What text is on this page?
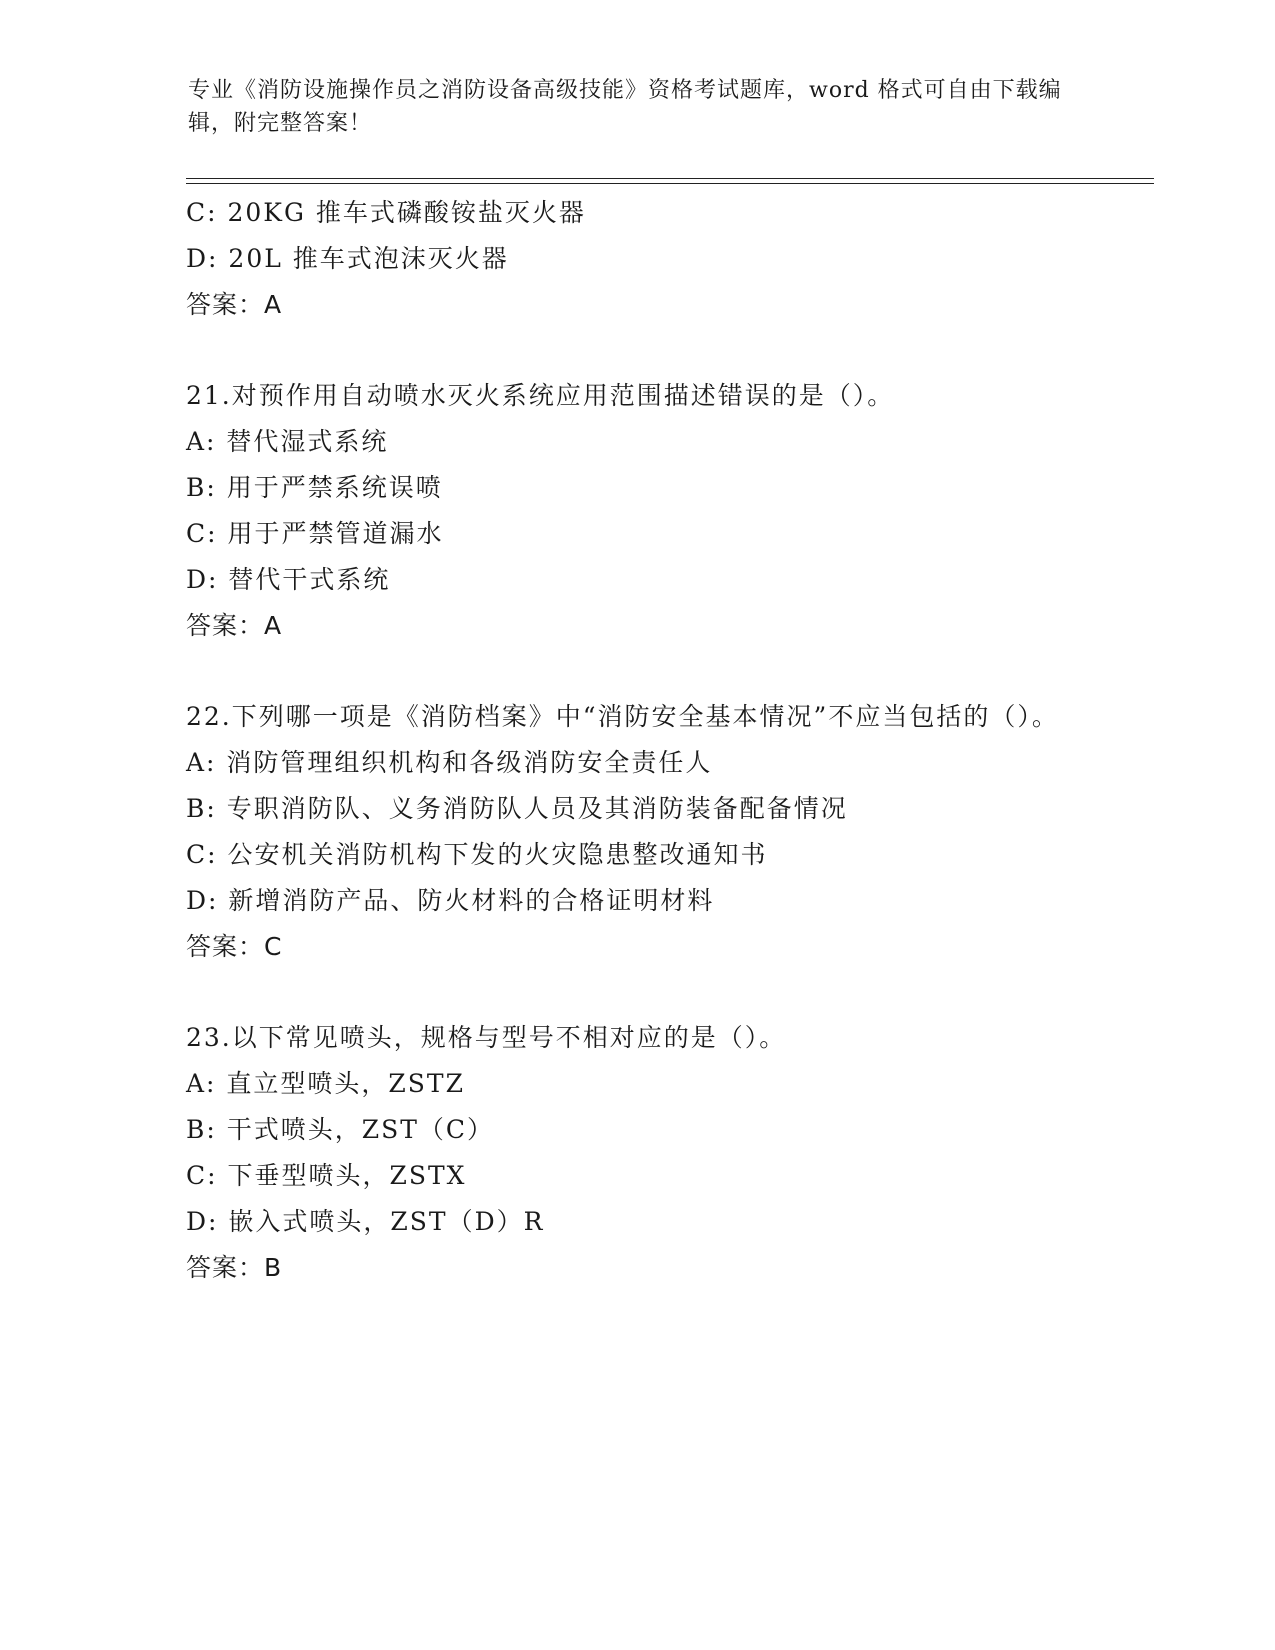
专业《消防设施操作员之消防设备高级技能》资格考试题库，word 格式可自由下载编辑，附完整答案！
C: 20KG 推车式磷酸铵盐灭火器
D: 20L 推车式泡沫灭火器
答案：A
21.对预作用自动喷水灭火系统应用范围描述错误的是（）。
A: 替代湿式系统
B: 用于严禁系统误喷
C: 用于严禁管道漏水
D: 替代干式系统
答案：A
22.下列哪一项是《消防档案》中“消防安全基本情况”不应当包括的（）。
A: 消防管理组织机构和各级消防安全责任人
B: 专职消防队、义务消防队人员及其消防装备配备情况
C: 公安机关消防机构下发的火灾隐患整改通知书
D: 新增消防产品、防火材料的合格证明材料
答案：C
23.以下常见喷头，规格与型号不相对应的是（）。
A: 直立型喷头，ZSTZ
B: 干式喷头，ZST（C）
C: 下垂型喷头，ZSTX
D: 嵌入式喷头，ZST（D）R
答案：B
